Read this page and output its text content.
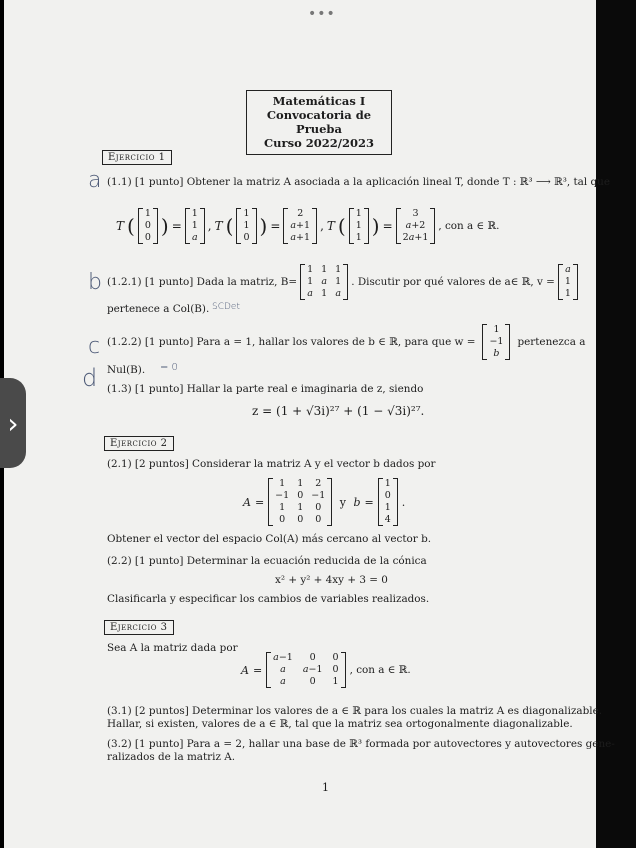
•••
›
Matemáticas I
Convocatoria de Prueba
Curso 2022/2023
Ejercicio 1
a (1.1) [1 punto] Obtener la matriz A asociada a la aplicación lineal T, donde T : ℝ³ ⟶ ℝ³, tal que
T ( 1
0
0 ) =
1
1
a
, T ( 1
1
0 ) =
2
a+1
a+1
, T ( 1
1
1 ) =
3
a+2
2a+1
, con a ∈ ℝ.
b (1.2.1) [1 punto] Dada la matriz, B=
1 1 1
1 a 1
a 1 a
. Discutir por qué valores de a∈ ℝ, v =
a
1
1
pertenece a Col(B). SCDet
c (1.2.2) [1 punto] Para a = 1, hallar los valores de b ∈ ℝ, para que w =
1
−1
b
pertenezca a
Nul(B). = 0
d (1.3) [1 punto] Hallar la parte real e imaginaria de z, siendo
z = (1 + √3i)²⁷ + (1 − √3i)²⁷.
Ejercicio 2
(2.1) [2 puntos] Considerar la matriz A y el vector b dados por
A =
1	1	2
−1 0 −1
1	1	0
0	0	0
y b =
1
0
1
4
.
Obtener el vector del espacio Col(A) más cercano al vector b.
(2.2) [1 punto] Determinar la ecuación reducida de la cónica
x² + y² + 4xy + 3 = 0
Clasificarla y especificar los cambios de variables realizados.
Ejercicio 3
Sea A la matriz dada por
A =
a−1	0	0
a	a−1 0
a	0	1
, con a ∈ ℝ.
(3.1) [2 puntos] Determinar los valores de a ∈ ℝ para los cuales la matriz A es diagonalizable.
Hallar, si existen, valores de a ∈ ℝ, tal que la matriz sea ortogonalmente diagonalizable.
(3.2) [1 punto] Para a = 2, hallar una base de ℝ³ formada por autovectores y autovectores gene-
ralizados de la matriz A.
1
